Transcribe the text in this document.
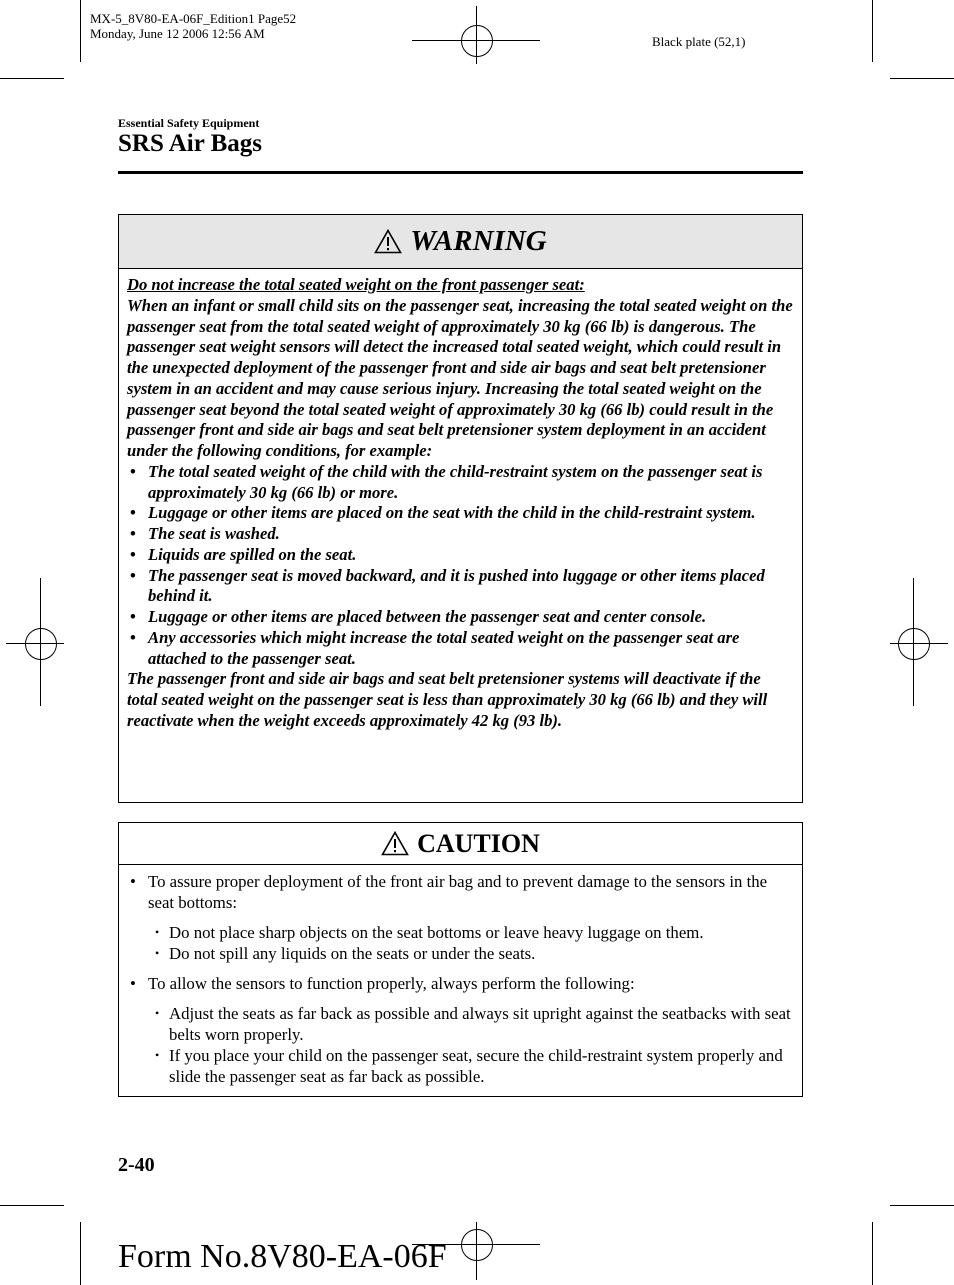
MX-5_8V80-EA-06F_Edition1 Page52
Monday, June 12 2006 12:56 AM
Black plate (52,1)
Essential Safety Equipment
SRS Air Bags
WARNING

Do not increase the total seated weight on the front passenger seat:

When an infant or small child sits on the passenger seat, increasing the total seated weight on the passenger seat from the total seated weight of approximately 30 kg (66 lb) is dangerous. The passenger seat weight sensors will detect the increased total seated weight, which could result in the unexpected deployment of the passenger front and side air bags and seat belt pretensioner system in an accident and may cause serious injury. Increasing the total seated weight on the passenger seat beyond the total seated weight of approximately 30 kg (66 lb) could result in the passenger front and side air bags and seat belt pretensioner system deployment in an accident under the following conditions, for example:

• The total seated weight of the child with the child-restraint system on the passenger seat is approximately 30 kg (66 lb) or more.
• Luggage or other items are placed on the seat with the child in the child-restraint system.
• The seat is washed.
• Liquids are spilled on the seat.
• The passenger seat is moved backward, and it is pushed into luggage or other items placed behind it.
• Luggage or other items are placed between the passenger seat and center console.
• Any accessories which might increase the total seated weight on the passenger seat are attached to the passenger seat.

The passenger front and side air bags and seat belt pretensioner systems will deactivate if the total seated weight on the passenger seat is less than approximately 30 kg (66 lb) and they will reactivate when the weight exceeds approximately 42 kg (93 lb).

CAUTION
• To assure proper deployment of the front air bag and to prevent damage to the sensors in the seat bottoms:
• Do not place sharp objects on the seat bottoms or leave heavy luggage on them.
• Do not spill any liquids on the seats or under the seats.
• To allow the sensors to function properly, always perform the following:
• Adjust the seats as far back as possible and always sit upright against the seatbacks with seat belts worn properly.
• If you place your child on the passenger seat, secure the child-restraint system properly and slide the passenger seat as far back as possible.
2-40
Form No.8V80-EA-06F
